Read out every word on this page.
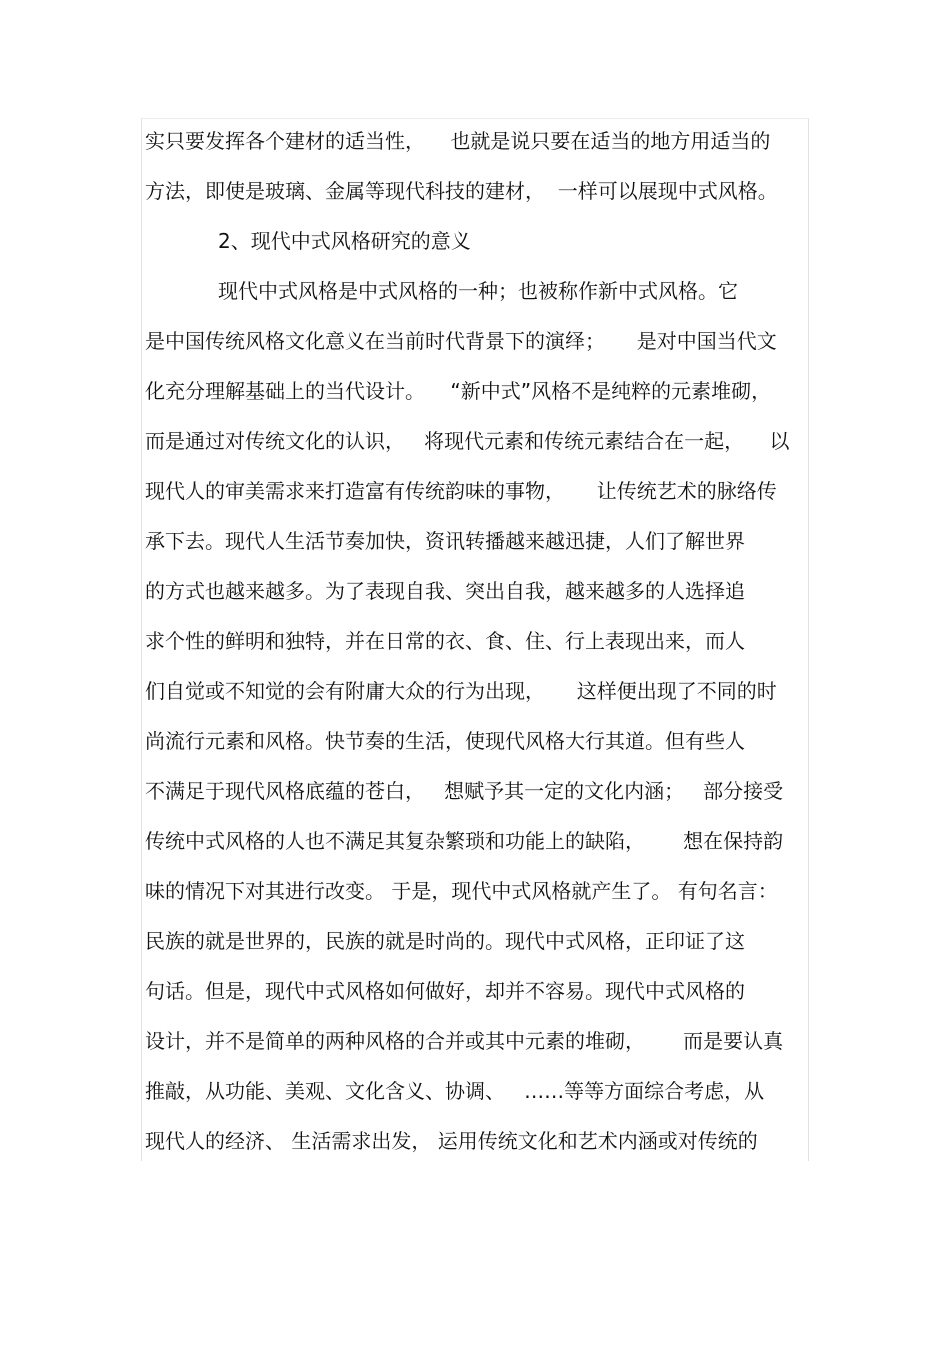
实只要发挥各个建材的适当性，    也就是说只要在适当的地方用适当的
方法，即使是玻璃、金属等现代科技的建材，  一样可以展现中式风格。
2、现代中式风格研究的意义
现代中式风格是中式风格的一种；也被称作新中式风格。它
是中国传统风格文化意义在当前时代背景下的演绎；     是对中国当代文
化充分理解基础上的当代设计。    “新中式”风格不是纯粹的元素堆砌，
而是通过对传统文化的认识，   将现代元素和传统元素结合在一起，    以
现代人的审美需求来打造富有传统韵味的事物，     让传统艺术的脉络传
承下去。现代人生活节奏加快，资讯转播越来越迅捷，人们了解世界
的方式也越来越多。为了表现自我、突出自我，越来越多的人选择追
求个性的鲜明和独特，并在日常的衣、食、住、行上表现出来，而人
们自觉或不知觉的会有附庸大众的行为出现，     这样便出现了不同的时
尚流行元素和风格。快节奏的生活，使现代风格大行其道。但有些人
不满足于现代风格底蕴的苍白，   想赋予其一定的文化内涵；   部分接受
传统中式风格的人也不满足其复杂繁琐和功能上的缺陷，      想在保持韵
味的情况下对其进行改变。 于是，现代中式风格就产生了。 有句名言：
民族的就是世界的，民族的就是时尚的。现代中式风格，正印证了这
句话。但是，现代中式风格如何做好，却并不容易。现代中式风格的
设计，并不是简单的两种风格的合并或其中元素的堆砌，      而是要认真
推敲，从功能、美观、文化含义、协调、   ……等等方面综合考虑，从
现代人的经济、 生活需求出发， 运用传统文化和艺术内涵或对传统的
